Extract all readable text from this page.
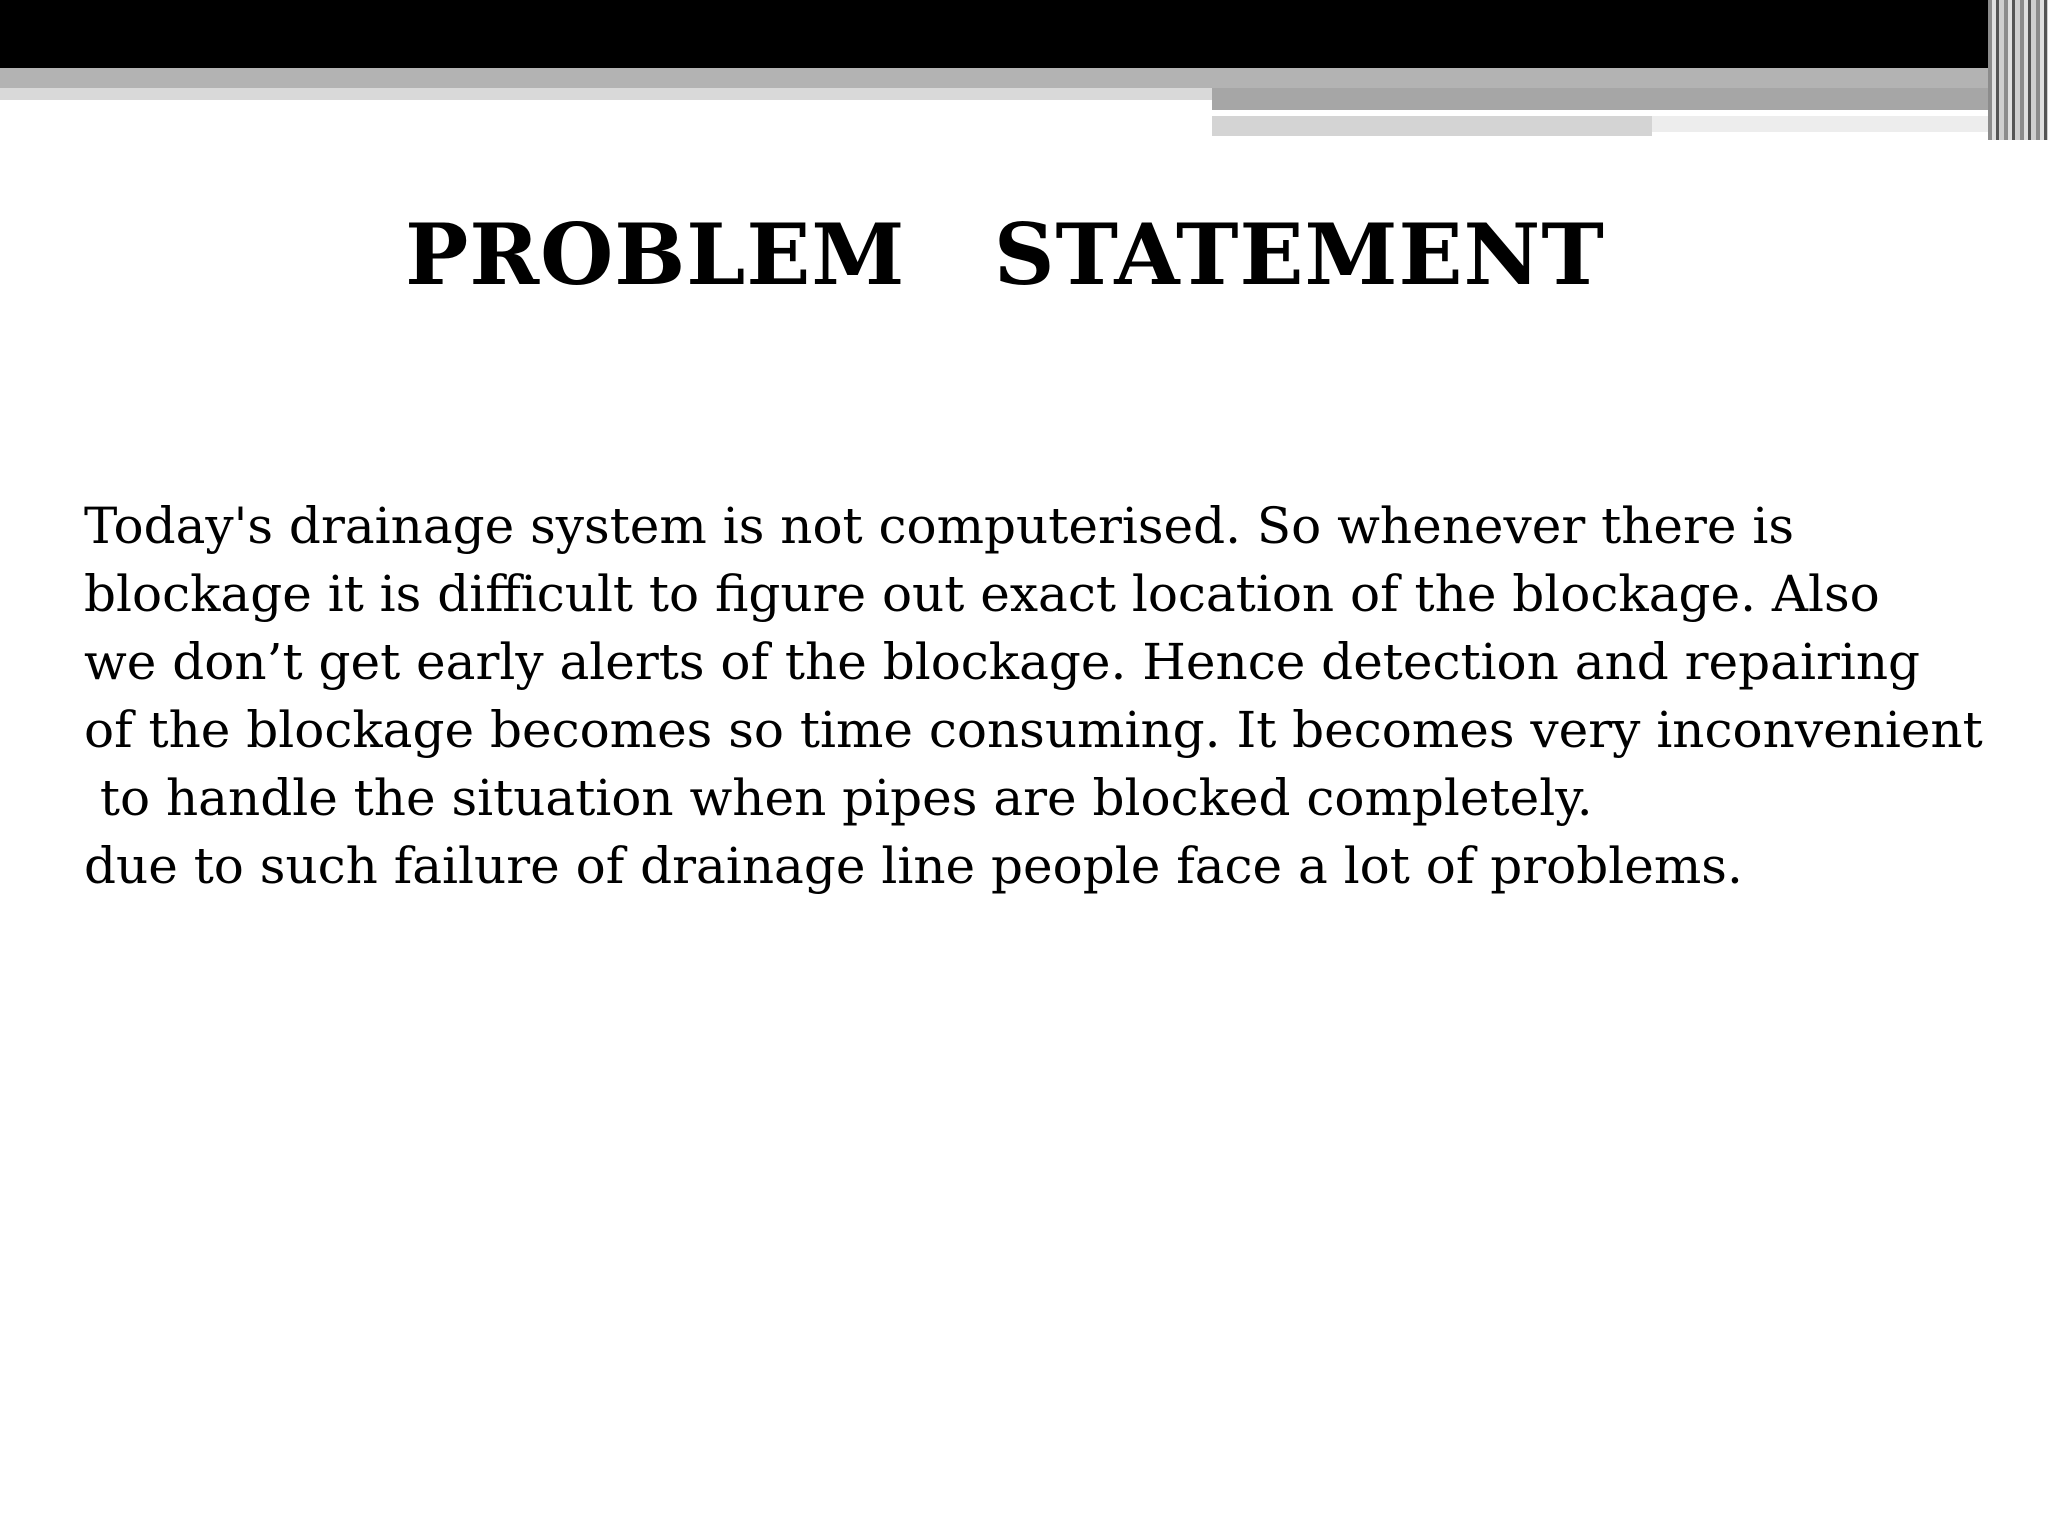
PROBLEM  STATEMENT
Today's drainage system is not computerised. So whenever there is
blockage it is difficult to figure out exact location of the blockage. Also
we don’t get early alerts of the blockage. Hence detection and repairing
of the blockage becomes so time consuming. It becomes very inconvenient
to handle the situation when pipes are blocked completely.
due to such failure of drainage line people face a lot of problems.
